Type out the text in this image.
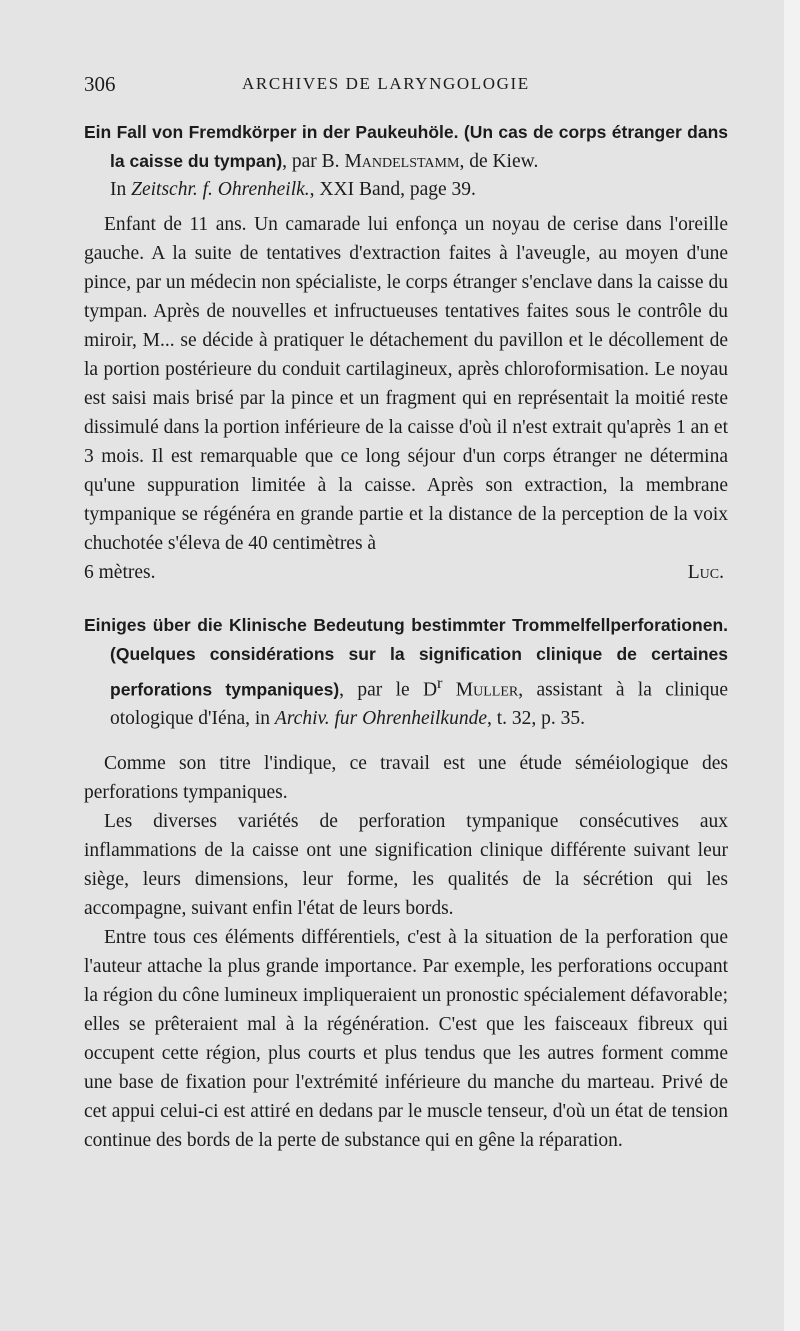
306	ARCHIVES DE LARYNGOLOGIE

Ein Fall von Fremdkörper in der Paukeuhöle. (Un cas de corps étranger dans la caisse du tympan), par B. Mandelstamm, de Kiew.
In Zeitschr. f. Ohrenheilk., XXI Band, page 39.

Enfant de 11 ans. Un camarade lui enfonça un noyau de cerise dans l'oreille gauche. A la suite de tentatives d'extraction faites à l'aveugle, au moyen d'une pince, par un médecin non spécialiste, le corps étranger s'enclave dans la caisse du tympan. Après de nouvelles et infructueuses tentatives faites sous le contrôle du miroir, M... se décide à pratiquer le détachement du pavillon et le décollement de la portion postérieure du conduit cartilagineux, après chloroformisation. Le noyau est saisi mais brisé par la pince et un fragment qui en représentait la moitié reste dissimulé dans la portion inférieure de la caisse d'où il n'est extrait qu'après 1 an et 3 mois. Il est remarquable que ce long séjour d'un corps étranger ne détermina qu'une suppuration limitée à la caisse. Après son extraction, la membrane tympanique se régénéra en grande partie et la distance de la perception de la voix chuchotée s'éleva de 40 centimètres à

6 mètres.	Luc.

Einiges über die Klinische Bedeutung bestimmter Trommelfellperforationen. (Quelques considérations sur la signification clinique de certaines perforations tympaniques), par le $D^r$ Muller, assistant à la clinique otologique d'Iéna, in Archiv. fur Ohrenheilkunde, t. 32, p. 35.

Comme son titre l'indique, ce travail est une étude séméiologique des perforations tympaniques.

Les diverses variétés de perforation tympanique consécutives aux inflammations de la caisse ont une signification clinique différente suivant leur siège, leurs dimensions, leur forme, les qualités de la sécrétion qui les accompagne, suivant enfin l'état de leurs bords.

Entre tous ces éléments différentiels, c'est à la situation de la perforation que l'auteur attache la plus grande importance. Par exemple, les perforations occupant la région du cône lumineux impliqueraient un pronostic spécialement défavorable; elles se prêteraient mal à la régénération. C'est que les faisceaux fibreux qui occupent cette région, plus courts et plus tendus que les autres forment comme une base de fixation pour l'extrémité inférieure du manche du marteau. Privé de cet appui celui-ci est attiré en dedans par le muscle tenseur, d'où un état de tension continue des bords de la perte de substance qui en gêne la réparation.
